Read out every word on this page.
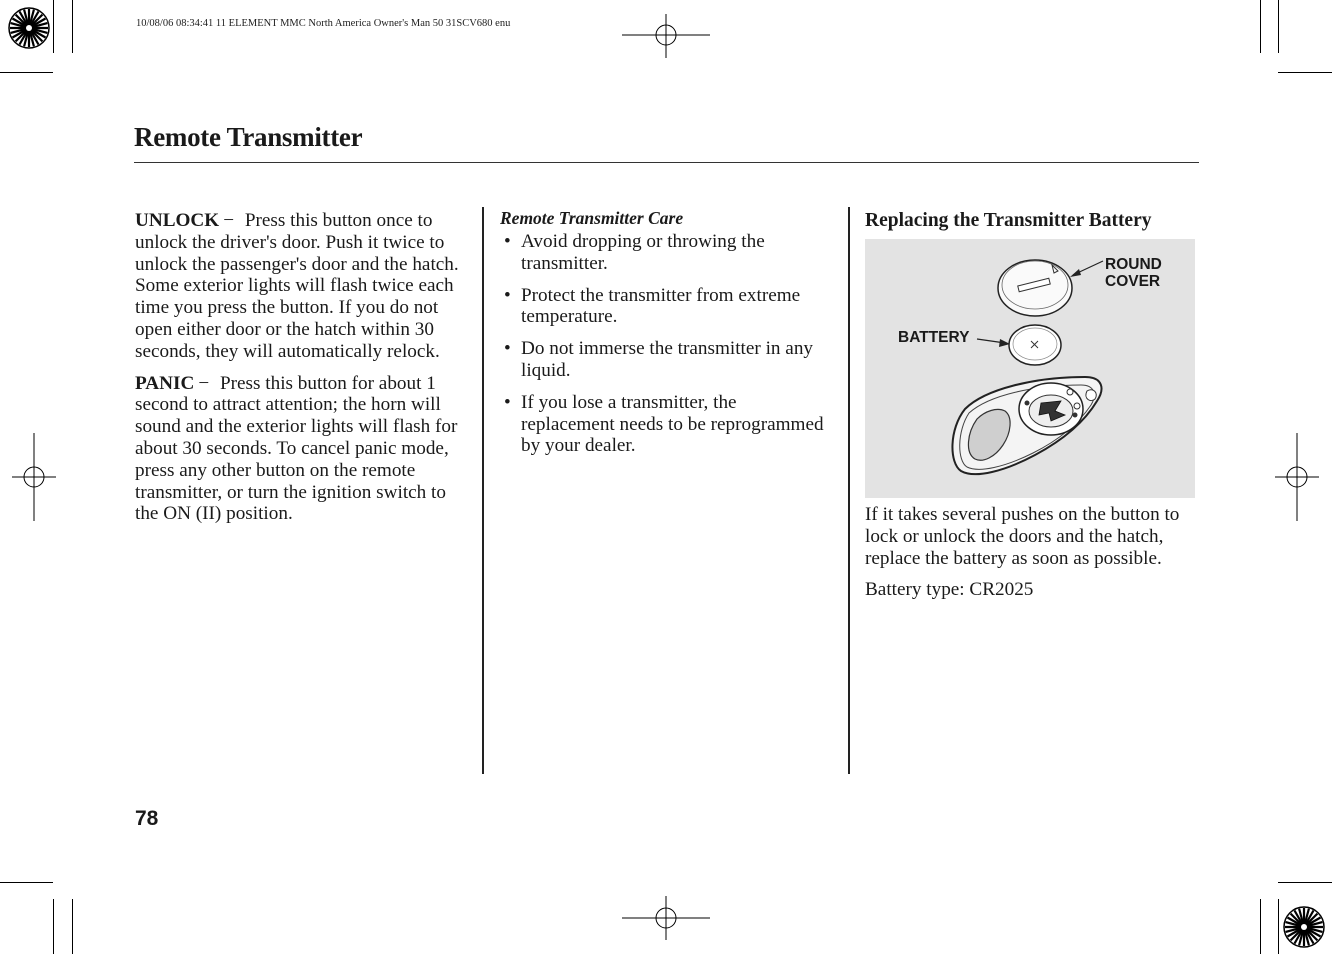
10/08/06 08:34:41 11 ELEMENT MMC North America Owner's Man 50 31SCV680 enu
Remote Transmitter

UNLOCK − Press this button once to unlock the driver's door. Push it twice to unlock the passenger's door and the hatch. Some exterior lights will flash twice each time you press the button. If you do not open either door or the hatch within 30 seconds, they will automatically relock.

PANIC − Press this button for about 1 second to attract attention; the horn will sound and the exterior lights will flash for about 30 seconds. To cancel panic mode, press any other button on the remote transmitter, or turn the ignition switch to the ON (II) position.

Remote Transmitter Care
• Avoid dropping or throwing the transmitter.
• Protect the transmitter from extreme temperature.
• Do not immerse the transmitter in any liquid.
• If you lose a transmitter, the replacement needs to be reprogrammed by your dealer.
Replacing the Transmitter Battery
ROUND
COVER
BATTERY

If it takes several pushes on the button to lock or unlock the doors and the hatch, replace the battery as soon as possible.

Battery type: CR2025

78
